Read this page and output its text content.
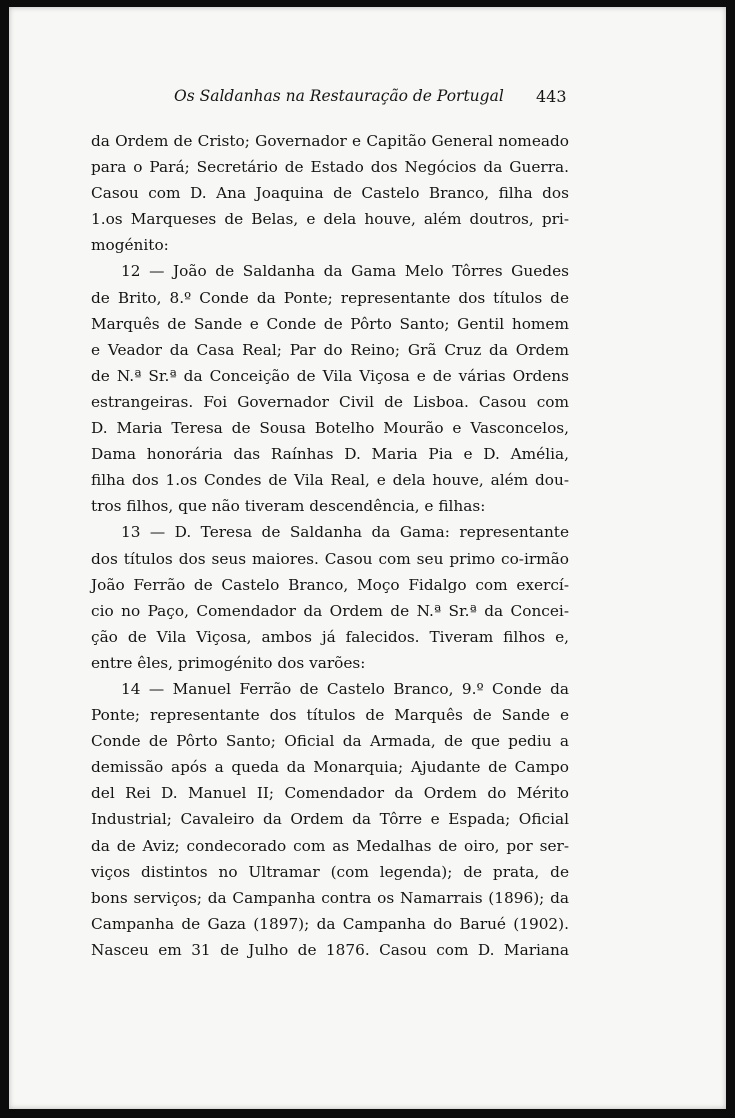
Os Saldanhas na Restauração de Portugal 443
da Ordem de Cristo; Governador e Capitão General nomeado
para o Pará; Secretário de Estado dos Negócios da Guerra.
Casou com D. Ana Joaquina de Castelo Branco, filha dos
1.os Marqueses de Belas, e dela houve, além doutros, pri-
mogénito:
12 — João de Saldanha da Gama Melo Tôrres Guedes
de Brito, 8.º Conde da Ponte; representante dos títulos de
Marquês de Sande e Conde de Pôrto Santo; Gentil homem
e Veador da Casa Real; Par do Reino; Grã Cruz da Ordem
de N.ª Sr.ª da Conceição de Vila Viçosa e de várias Ordens
estrangeiras. Foi Governador Civil de Lisboa. Casou com
D. Maria Teresa de Sousa Botelho Mourão e Vasconcelos,
Dama honorária das Raínhas D. Maria Pia e D. Amélia,
filha dos 1.os Condes de Vila Real, e dela houve, além dou-
tros filhos, que não tiveram descendência, e filhas:
13 — D. Teresa de Saldanha da Gama: representante
dos títulos dos seus maiores. Casou com seu primo co-irmão
João Ferrão de Castelo Branco, Moço Fidalgo com exercí-
cio no Paço, Comendador da Ordem de N.ª Sr.ª da Concei-
ção de Vila Viçosa, ambos já falecidos. Tiveram filhos e,
entre êles, primogénito dos varões:
14 — Manuel Ferrão de Castelo Branco, 9.º Conde da
Ponte; representante dos títulos de Marquês de Sande e
Conde de Pôrto Santo; Oficial da Armada, de que pediu a
demissão após a queda da Monarquia; Ajudante de Campo
del Rei D. Manuel II; Comendador da Ordem do Mérito
Industrial; Cavaleiro da Ordem da Tôrre e Espada; Oficial
da de Aviz; condecorado com as Medalhas de oiro, por ser-
viços distintos no Ultramar (com legenda); de prata, de
bons serviços; da Campanha contra os Namarrais (1896); da
Campanha de Gaza (1897); da Campanha do Barué (1902).
Nasceu em 31 de Julho de 1876. Casou com D. Mariana
